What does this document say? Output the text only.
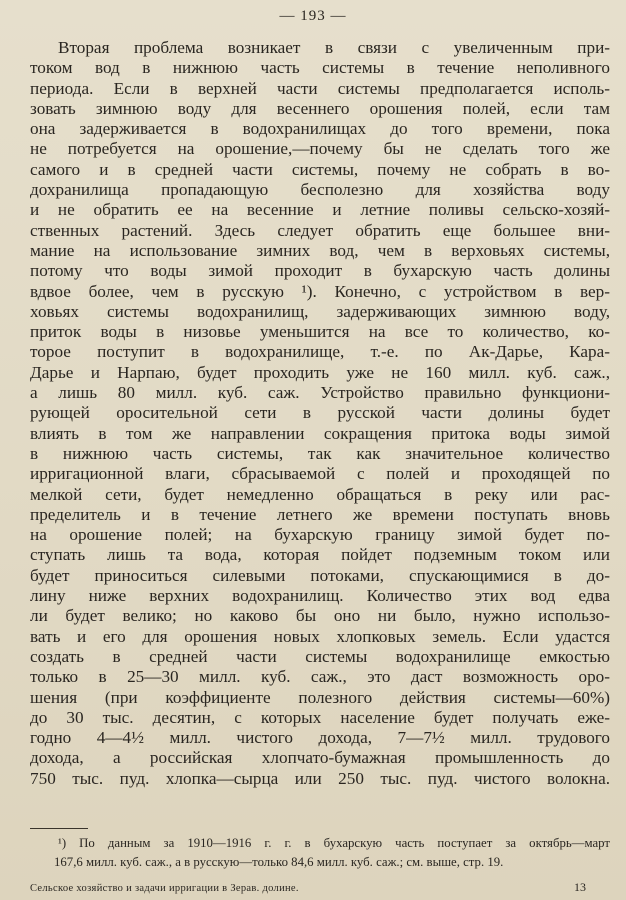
— 193 —
Вторая проблема возникает в связи с увеличенным при-
током вод в нижнюю часть системы в течение неполивного
периода. Если в верхней части системы предполагается исполь-
зовать зимнюю воду для весеннего орошения полей, если там
она задерживается в водохранилищах до того времени, пока
не потребуется на орошение,—почему бы не сделать того же
самого и в средней части системы, почему не собрать в во-
дохранилища пропадающую бесполезно для хозяйства воду
и не обратить ее на весенние и летние поливы сельско-хозяй-
ственных растений. Здесь следует обратить еще большее вни-
мание на использование зимних вод, чем в верховьях системы,
потому что воды зимой проходит в бухарскую часть долины
вдвое более, чем в русскую ¹). Конечно, с устройством в вер-
ховьях системы водохранилищ, задерживающих зимнюю воду,
приток воды в низовье уменьшится на все то количество, ко-
торое поступит в водохранилище, т.-е. по Ак-Дарье, Кара-
Дарье и Нарпаю, будет проходить уже не 160 милл. куб. саж.,
а лишь 80 милл. куб. саж. Устройство правильно функциони-
рующей оросительной сети в русской части долины будет
влиять в том же направлении сокращения притока воды зимой
в нижнюю часть системы, так как значительное количество
ирригационной влаги, сбрасываемой с полей и проходящей по
мелкой сети, будет немедленно обращаться в реку или рас-
пределитель и в течение летнего же времени поступать вновь
на орошение полей; на бухарскую границу зимой будет по-
ступать лишь та вода, которая пойдет подземным током или
будет приноситься силевыми потоками, спускающимися в до-
лину ниже верхних водохранилищ. Количество этих вод едва
ли будет велико; но каково бы оно ни было, нужно использо-
вать и его для орошения новых хлопковых земель. Если удастся
создать в средней части системы водохранилище емкостью
только в 25—30 милл. куб. саж., это даст возможность оро-
шения (при коэффициенте полезного действия системы—60%)
до 30 тыс. десятин, с которых население будет получать еже-
годно 4—4½ милл. чистого дохода, 7—7½ милл. трудового
дохода, а российская хлопчато-бумажная промышленность до
750 тыс. пуд. хлопка—сырца или 250 тыс. пуд. чистого волокна.
¹) По данным за 1910—1916 г. г. в бухарскую часть поступает за октябрь—март
167,6 милл. куб. саж., а в русскую—только 84,6 милл. куб. саж.; см. выше, стр. 19.
Сельское хозяйство и задачи ирригации в Зерав. долине.	13
